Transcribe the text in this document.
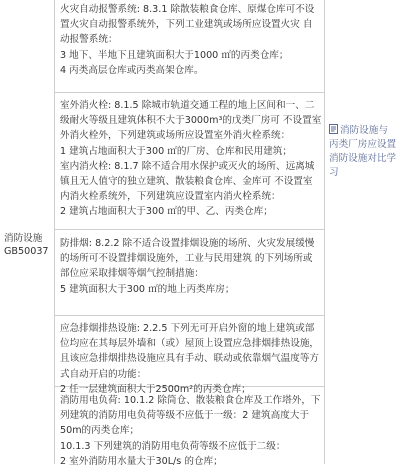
消防设施GB50037
消防设施与丙类厂房应设置消防设施对比学习

火灾自动报警系统: 8.3.1 除散装粮食仓库、原煤仓库可不设置火灾自动报警系统外，下列工业建筑或场所应设置火灾 自动报警系统：

3 地下、半地下且建筑面积大于1000 ㎡的丙类仓库；

4 丙类高层仓库或丙类高架仓库。

室外消火栓: 8.1.5 除城市轨道交通工程的地上区间和一、二级耐火等级且建筑体积不大于3000m³的戊类厂房可 不设置室外消火栓外，下列建筑或场所应设置室外消火栓系统：

1 建筑占地面积大于300 ㎡的厂房、仓库和民用建筑；

室内消火栓: 8.1.7 除不适合用水保护或灭火的场所、远离城镇且无人值守的独立建筑、散装粮食仓库、金库可 不设置室内消火栓系统外，下列建筑应设置室内消火栓系统：

2 建筑占地面积大于300 ㎡的甲、乙、丙类仓库；

防排烟: 8.2.2 除不适合设置排烟设施的场所、火灾发展缓慢的场所可不设置排烟设施外，工业与民用建筑 的下列场所或部位应采取排烟等烟气控制措施：

5 建筑面积大于300 ㎡的地上丙类库房；

应急排烟排热设施: 2.2.5 下列无可开启外窗的地上建筑或部位均应在其每层外墙和（或）屋顶上设置应急排烟排热设施，且该应急排烟排热设施应具有手动、联动或依靠烟气温度等方式自动开启的功能：

2 任一层建筑面积大于2500m²的丙类仓库；

消防用电负荷: 10.1.2 除筒仓、散装粮食仓库及工作塔外，下列建筑的消防用电负荷等级不应低于一级：2 建筑高度大于50m的丙类仓库；

10.1.3 下列建筑的消防用电负荷等级不应低于二级：

2 室外消防用水量大于30L/s 的仓库；
